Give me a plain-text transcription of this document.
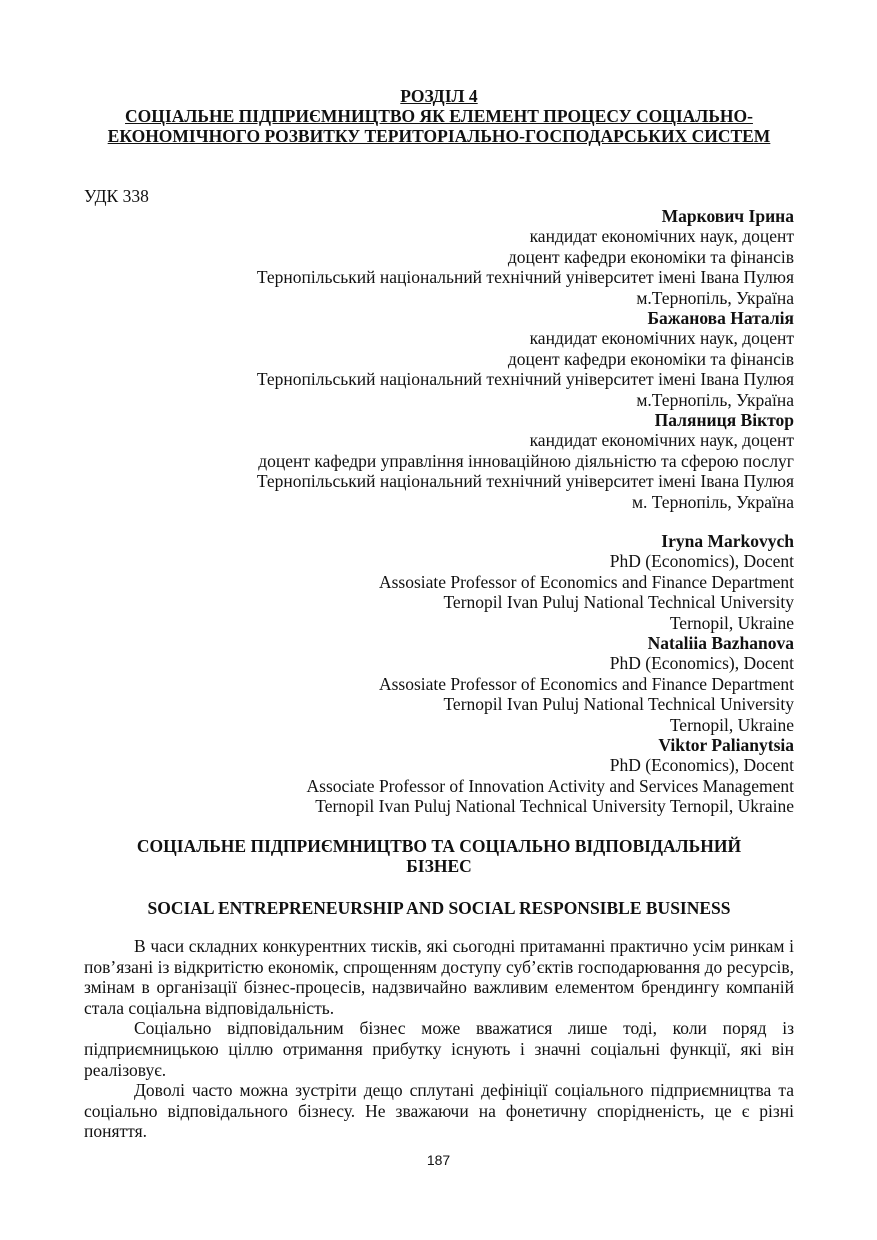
РОЗДІЛ 4
СОЦІАЛЬНЕ ПІДПРИЄМНИЦТВО ЯК ЕЛЕМЕНТ ПРОЦЕСУ СОЦІАЛЬНО-
ЕКОНОМІЧНОГО РОЗВИТКУ ТЕРИТОРІАЛЬНО-ГОСПОДАРСЬКИХ СИСТЕМ
УДК 338
Маркович Ірина
кандидат економічних наук, доцент
доцент кафедри економіки та фінансів
Тернопільський національний технічний університет імені Івана Пулюя
м.Тернопіль, Україна
Бажанова Наталія
кандидат економічних наук, доцент
доцент кафедри економіки та фінансів
Тернопільський національний технічний університет імені Івана Пулюя
м.Тернопіль, Україна
Паляниця Віктор
кандидат економічних наук, доцент
доцент кафедри управління інноваційною діяльністю та сферою послуг
Тернопільський національний технічний університет імені Івана Пулюя
м. Тернопіль, Україна
Iryna Markovych
PhD (Economics), Docent
Assosiate Professor of Economics and Finance Department
Ternopil Ivan Puluj National Technical University
Ternopil, Ukraine
Nataliia Bazhanova
PhD (Economics), Docent
Assosiate Professor of Economics and Finance Department
Ternopil Ivan Puluj National Technical University
Ternopil, Ukraine
Viktor Palianytsia
PhD (Economics), Docent
Associate Professor of Innovation Activity and Services Management
Ternopil Ivan Puluj National Technical University Ternopil, Ukraine
СОЦІАЛЬНЕ ПІДПРИЄМНИЦТВО ТА СОЦІАЛЬНО ВІДПОВІДАЛЬНИЙ
БІЗНЕС
SOCIAL ENTREPRENEURSHIP AND SOCIAL RESPONSIBLE BUSINESS

В часи складних конкурентних тисків, які сьогодні притаманні практично усім ринкам і пов’язані із відкритістю економік, спрощенням доступу суб’єктів господарювання до ресурсів, змінам в організації бізнес-процесів, надзвичайно важливим елементом брендингу компаній стала соціальна відповідальність.

Соціально відповідальним бізнес може вважатися лише тоді, коли поряд із підприємницькою ціллю отримання прибутку існують і значні соціальні функції, які він реалізовує.

Доволі часто можна зустріти дещо сплутані дефініції соціального підприємництва та соціально відповідального бізнесу. Не зважаючи на фонетичну спорідненість, це є різні поняття.

187
